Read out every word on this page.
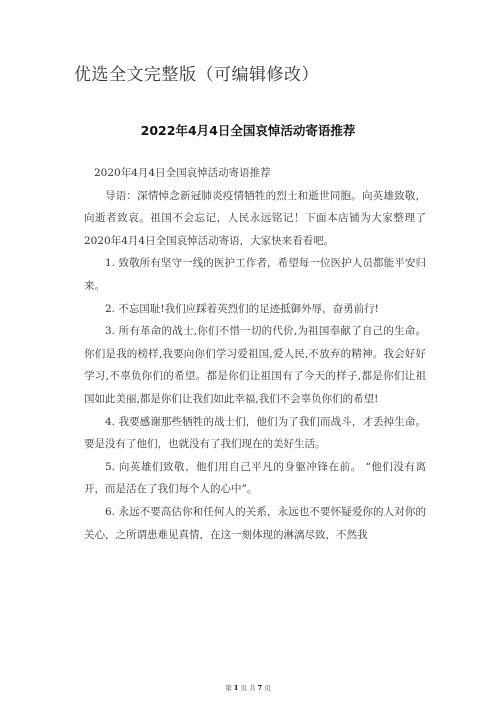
优选全文完整版（可编辑修改）
2022年4月4日全国哀悼活动寄语推荐

2020年4月4日全国哀悼活动寄语推荐

导语：深情悼念新冠肺炎疫情牺牲的烈士和逝世同胞。向英雄致敬，向逝者致哀。祖国不会忘记，人民永远铭记！下面本店铺为大家整理了2020年4月4日全国哀悼活动寄语，大家快来看看吧。

1. 致敬所有坚守一线的医护工作者，希望每一位医护人员都能平安归来。

2. 不忘国耻!我们应踩着英烈们的足迹抵御外辱，奋勇前行!

3. 所有革命的战士,你们不惜一切的代价,为祖国奉献了自己的生命。你们是我的榜样,我要向你们学习爱祖国,爱人民,不放弃的精神。我会好好学习,不辜负你们的希望。都是你们让祖国有了今天的样子,都是你们让祖国如此美丽,都是你们让我们如此幸福,我们不会辜负你们的希望!

4. 我要感谢那些牺牲的战士们，他们为了我们而战斗，才丢掉生命。要是没有了他们，也就没有了我们现在的美好生活。

5. 向英雄们致敬，他们用自己平凡的身躯冲锋在前。 “他们没有离开，而是活在了我们每个人的心中”。

6. 永远不要高估你和任何人的关系，永远也不要怀疑爱你的人对你的关心，之所谓患难见真情，在这一刻体现的淋漓尽致，不然我

第 1 页 共 7 页
